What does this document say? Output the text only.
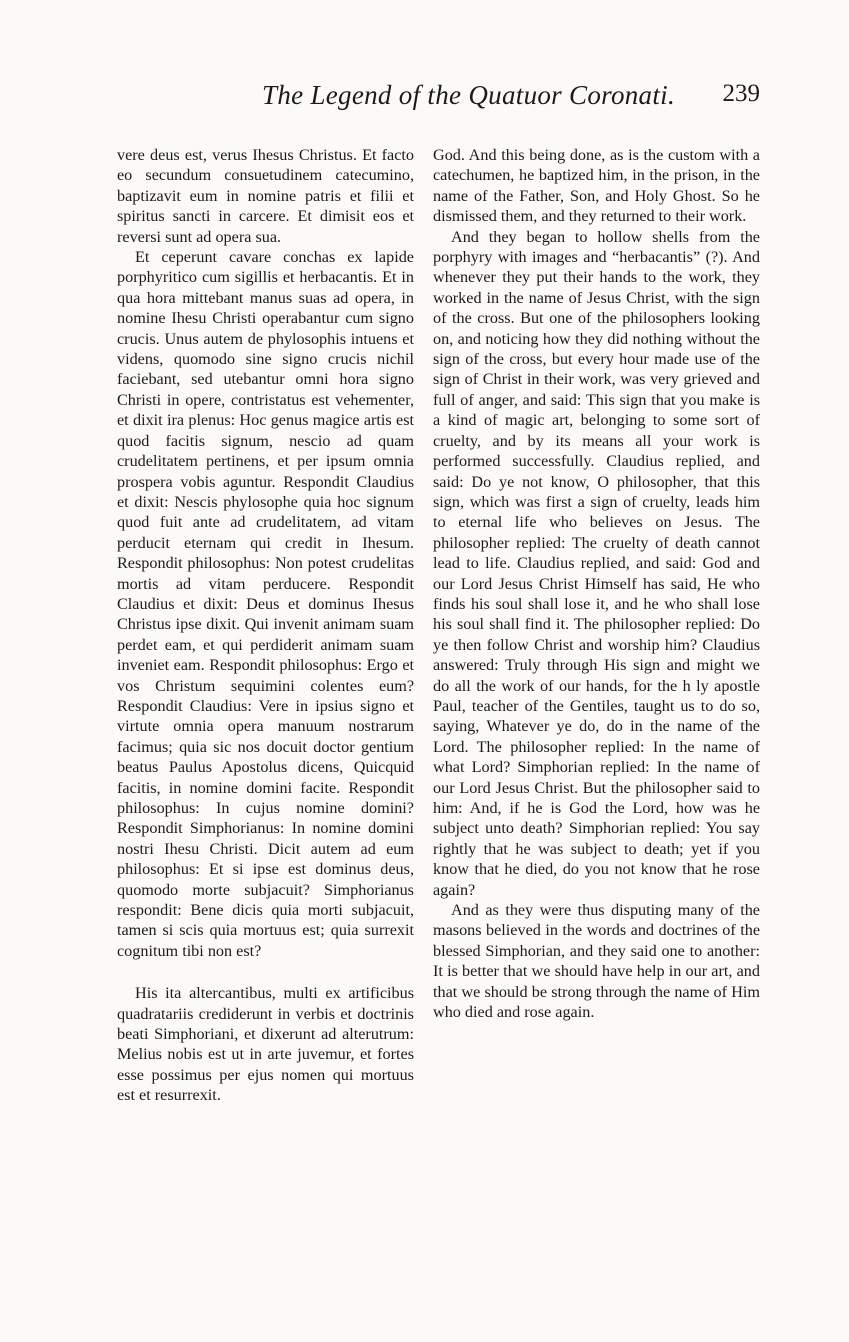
The Legend of the Quatuor Coronati. 239

vere deus est, verus Ihesus Christus. Et facto eo secundum consuetudinem catecumino, baptizavit eum in nomine patris et filii et spiritus sancti in carcere. Et dimisit eos et reversi sunt ad opera sua.

Et ceperunt cavare conchas ex lapide porphyritico cum sigillis et herbacantis. Et in qua hora mittebant manus suas ad opera, in nomine Ihesu Christi operabantur cum signo crucis. Unus autem de phylosophis intuens et videns, quomodo sine signo crucis nichil faciebant, sed utebantur omni hora signo Christi in opere, contristatus est vehementer, et dixit ira plenus: Hoc genus magice artis est quod facitis signum, nescio ad quam crudelitatem pertinens, et per ipsum omnia prospera vobis aguntur. Respondit Claudius et dixit: Nescis phylosophe quia hoc signum quod fuit ante ad crudelitatem, ad vitam perducit eternam qui credit in Ihesum. Respondit philosophus: Non potest crudelitas mortis ad vitam perducere. Respondit Claudius et dixit: Deus et dominus Ihesus Christus ipse dixit. Qui invenit animam suam perdet eam, et qui perdiderit animam suam inveniet eam. Respondit philosophus: Ergo et vos Christum sequimini colentes eum? Respondit Claudius: Vere in ipsius signo et virtute omnia opera manuum nostrarum facimus; quia sic nos docuit doctor gentium beatus Paulus Apostolus dicens, Quicquid facitis, in nomine domini facite. Respondit philosophus: In cujus nomine domini? Respondit Simphorianus: In nomine domini nostri Ihesu Christi. Dicit autem ad eum philosophus: Et si ipse est dominus deus, quomodo morte subjacuit? Simphorianus respondit: Bene dicis quia morti subjacuit, tamen si scis quia mortuus est; quia surrexit cognitum tibi non est?

His ita altercantibus, multi ex artificibus quadratariis crediderunt in verbis et doctrinis beati Simphoriani, et dixerunt ad alterutrum: Melius nobis est ut in arte juvemur, et fortes esse possimus per ejus nomen qui mortuus est et resurrexit.

God. And this being done, as is the custom with a catechumen, he baptized him, in the prison, in the name of the Father, Son, and Holy Ghost. So he dismissed them, and they returned to their work.

And they began to hollow shells from the porphyry with images and “herbacantis” (?). And whenever they put their hands to the work, they worked in the name of Jesus Christ, with the sign of the cross. But one of the philosophers looking on, and noticing how they did nothing without the sign of the cross, but every hour made use of the sign of Christ in their work, was very grieved and full of anger, and said: This sign that you make is a kind of magic art, belonging to some sort of cruelty, and by its means all your work is performed successfully. Claudius replied, and said: Do ye not know, O philosopher, that this sign, which was first a sign of cruelty, leads him to eternal life who believes on Jesus. The philosopher replied: The cruelty of death cannot lead to life. Claudius replied, and said: God and our Lord Jesus Christ Himself has said, He who finds his soul shall lose it, and he who shall lose his soul shall find it. The philosopher replied: Do ye then follow Christ and worship him? Claudius answered: Truly through His sign and might we do all the work of our hands, for the h ly apostle Paul, teacher of the Gentiles, taught us to do so, saying, Whatever ye do, do in the name of the Lord. The philosopher replied: In the name of what Lord? Simphorian replied: In the name of our Lord Jesus Christ. But the philosopher said to him: And, if he is God the Lord, how was he subject unto death? Simphorian replied: You say rightly that he was subject to death; yet if you know that he died, do you not know that he rose again?

And as they were thus disputing many of the masons believed in the words and doctrines of the blessed Simphorian, and they said one to another: It is better that we should have help in our art, and that we should be strong through the name of Him who died and rose again.
